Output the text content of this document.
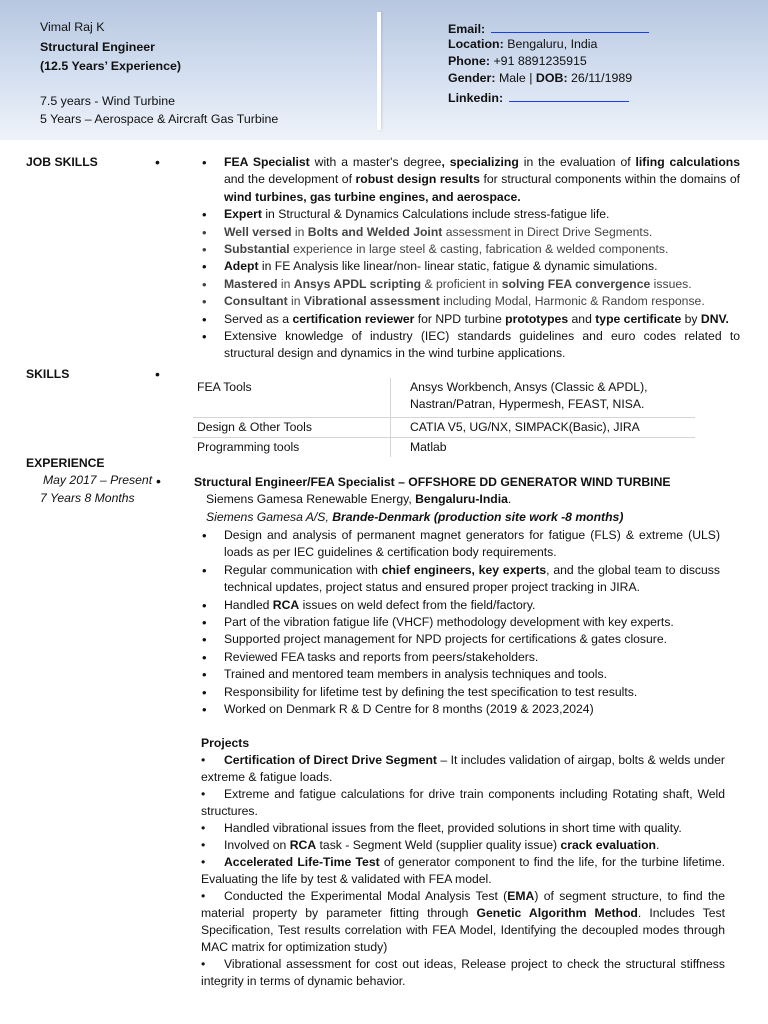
Vimal Raj K
Structural Engineer
(12.5 Years’ Experience)
7.5 years - Wind Turbine
5 Years – Aerospace & Aircraft Gas Turbine
Email:
Location: Bengaluru, India
Phone: +91 8891235915
Gender: Male | DOB: 26/11/1989
Linkedin:
JOB SKILLS	•
•	FEA Specialist with a master's degree, specializing in the evaluation of lifing calculations and the development of robust design results for structural components within the domains of wind turbines, gas turbine engines, and aerospace.
• Expert in Structural & Dynamics Calculations include stress-fatigue life.
• Well versed in Bolts and Welded Joint assessment in Direct Drive Segments.
• Substantial experience in large steel & casting, fabrication & welded components.
• Adept in FE Analysis like linear/non- linear static, fatigue & dynamic simulations.
• Mastered in Ansys APDL scripting & proficient in solving FEA convergence issues.
• Consultant in Vibrational assessment including Modal, Harmonic & Random response.
• Served as a certification reviewer for NPD turbine prototypes and type certificate by DNV.
• Extensive knowledge of industry (IEC) standards guidelines and euro codes related to structural design and dynamics in the wind turbine applications.
SKILLS	•
FEA Tools	Ansys Workbench, Ansys (Classic & APDL), Nastran/Patran, Hypermesh, FEAST, NISA.
Design & Other Tools	CATIA V5, UG/NX, SIMPACK(Basic), JIRA
Programming tools	Matlab
EXPERIENCE
May 2017 – Present •
7 Years 8 Months
Structural Engineer/FEA Specialist – OFFSHORE DD GENERATOR WIND TURBINE
Siemens Gamesa Renewable Energy, Bengaluru-India.
Siemens Gamesa A/S, Brande-Denmark (production site work -8 months)
• Design and analysis of permanent magnet generators for fatigue (FLS) & extreme (ULS) loads as per IEC guidelines & certification body requirements.
• Regular communication with chief engineers, key experts, and the global team to discuss technical updates, project status and ensured proper project tracking in JIRA.
• Handled RCA issues on weld defect from the field/factory.
• Part of the vibration fatigue life (VHCF) methodology development with key experts.
• Supported project management for NPD projects for certifications & gates closure.
• Reviewed FEA tasks and reports from peers/stakeholders.
• Trained and mentored team members in analysis techniques and tools.
• Responsibility for lifetime test by defining the test specification to test results.
• Worked on Denmark R & D Centre for 8 months (2019 & 2023,2024)
Projects

• Certification of Direct Drive Segment – It includes validation of airgap, bolts & welds under extreme & fatigue loads.

• Extreme and fatigue calculations for drive train components including Rotating shaft, Weld structures.

• Handled vibrational issues from the fleet, provided solutions in short time with quality.

• Involved on RCA task - Segment Weld (supplier quality issue) crack evaluation.

• Accelerated Life-Time Test of generator component to find the life, for the turbine lifetime. Evaluating the life by test & validated with FEA model.

• Conducted the Experimental Modal Analysis Test (EMA) of segment structure, to find the material property by parameter fitting through Genetic Algorithm Method. Includes Test Specification, Test results correlation with FEA Model, Identifying the decoupled modes through MAC matrix for optimization study)

• Vibrational assessment for cost out ideas, Release project to check the structural stiffness integrity in terms of dynamic behavior.
